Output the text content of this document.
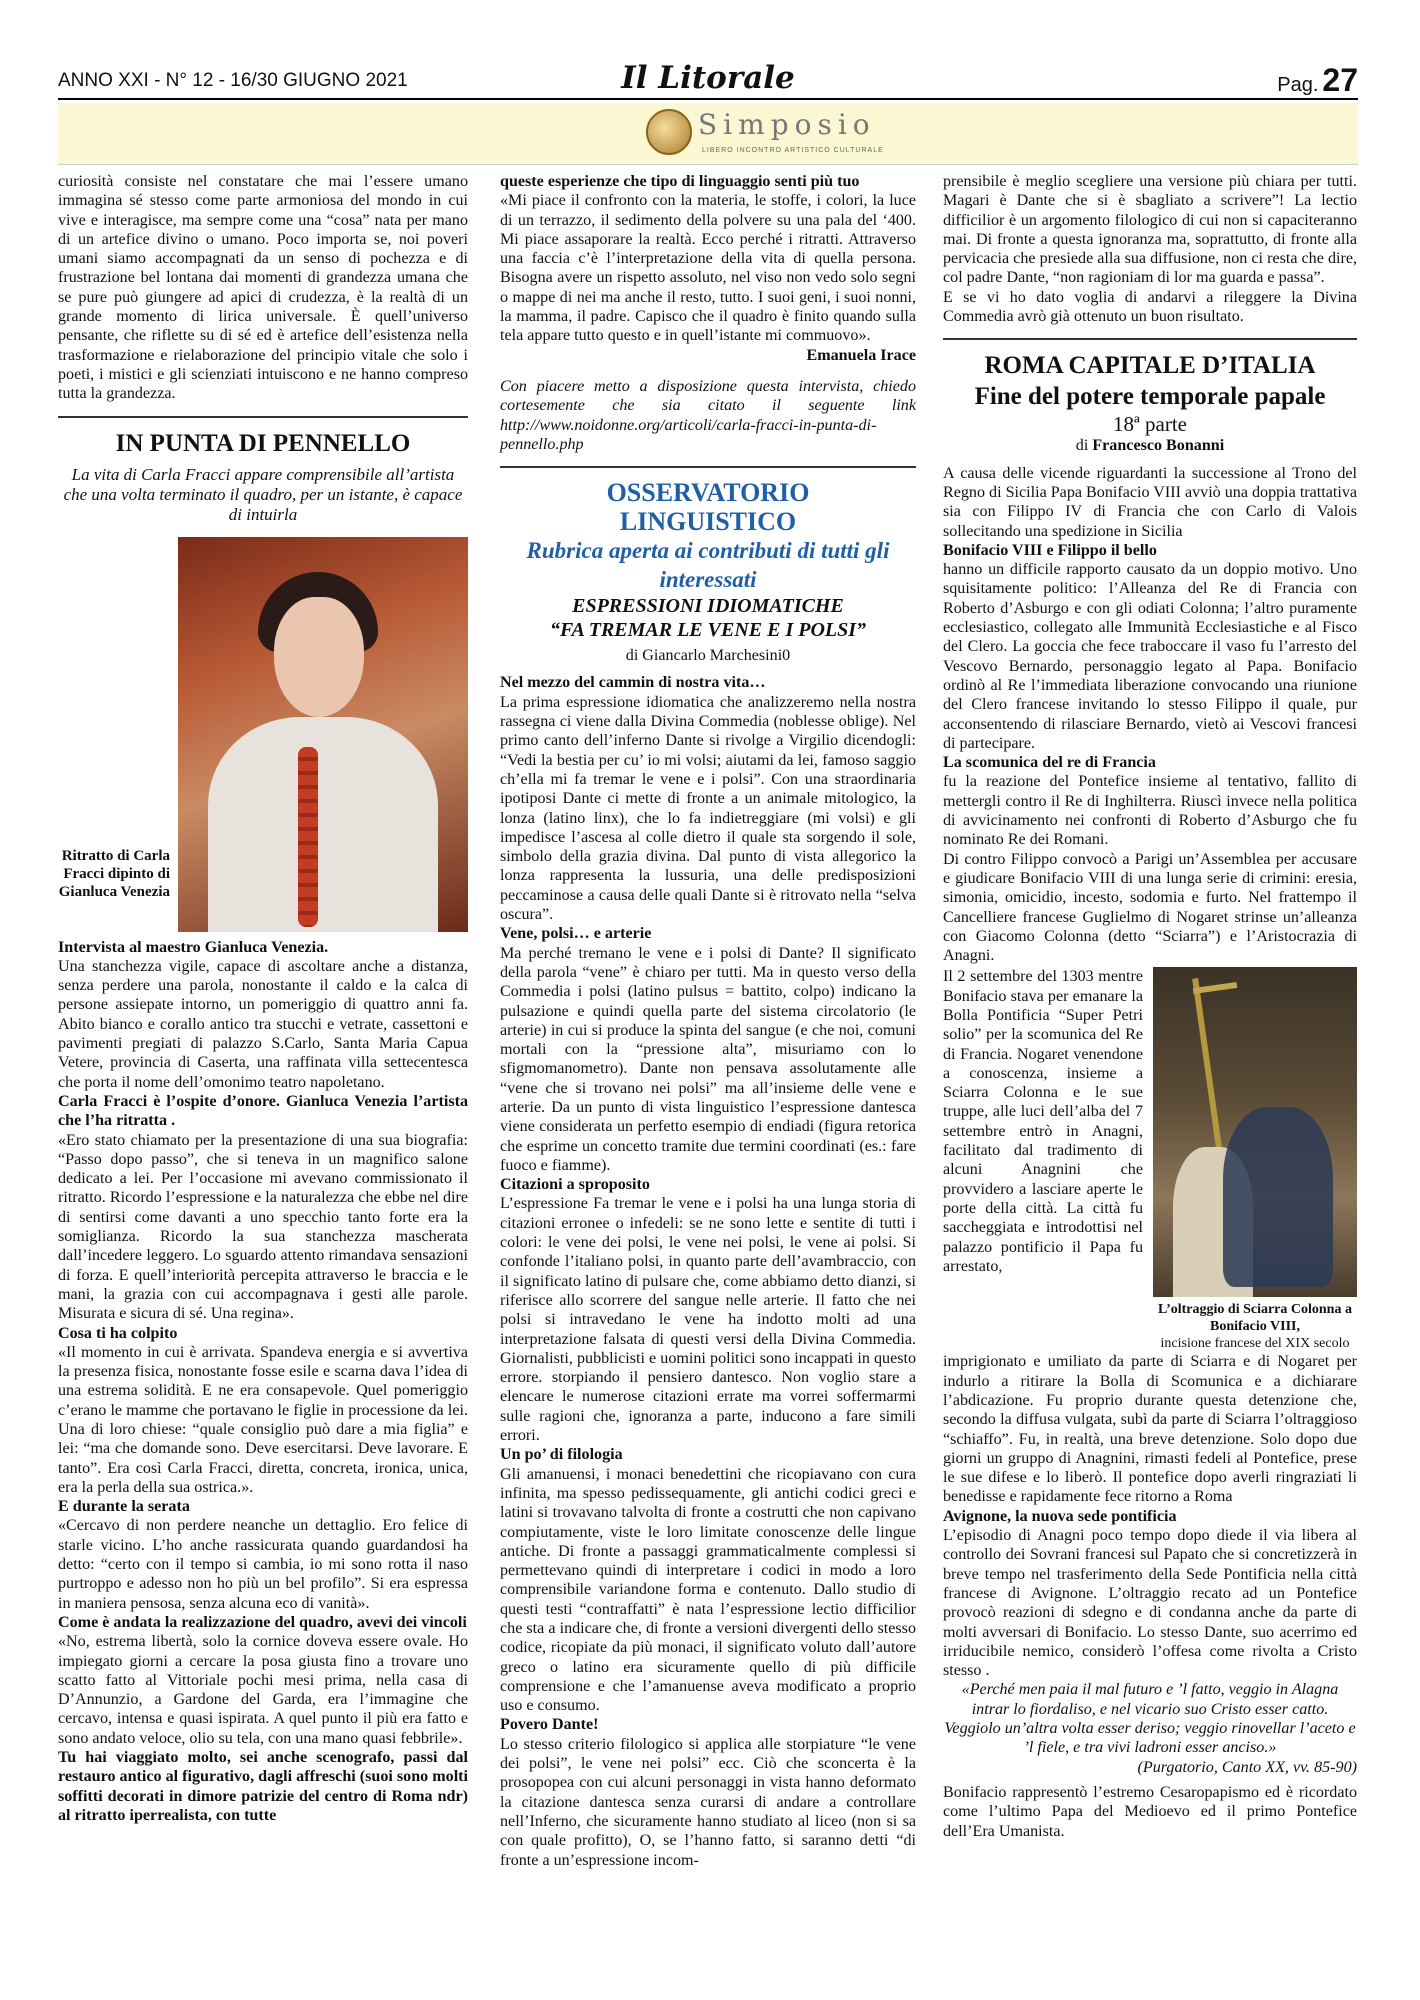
ANNO XXI - N° 12 - 16/30 GIUGNO 2021	Il Litorale	Pag. 27
Simposio
LIBERO INCONTRO ARTISTICO CULTURALE

curiosità consiste nel constatare che mai l’essere umano immagina sé stesso come parte armoniosa del mondo in cui vive e interagisce, ma sempre come una “cosa” nata per mano di un artefice divino o umano. Poco importa se, noi poveri umani siamo accompagnati da un senso di pochezza e di frustrazione bel lontana dai momenti di grandezza umana che se pure può giungere ad apici di crudezza, è la realtà di un grande momento di lirica universale. È quell’universo pensante, che riflette su di sé ed è artefice dell’esistenza nella trasformazione e rielaborazione del principio vitale che solo i poeti, i mistici e gli scienziati intuiscono e ne hanno compreso tutta la grandezza.

IN PUNTA DI PENNELLO

La vita di Carla Fracci appare comprensibile all’artista che una volta terminato il quadro, per un istante, è capace di intuirla

Ritratto di Carla Fracci dipinto di Gianluca Venezia

Intervista al maestro Gianluca Venezia.

Una stanchezza vigile, capace di ascoltare anche a distanza, senza perdere una parola, nonostante il caldo e la calca di persone assiepate intorno, un pomeriggio di quattro anni fa. Abito bianco e corallo antico tra stucchi e vetrate, cassettoni e pavimenti pregiati di palazzo S.Carlo, Santa Maria Capua Vetere, provincia di Caserta, una raffinata villa settecentesca che porta il nome dell’omonimo teatro napoletano.

Carla Fracci è l’ospite d’onore. Gianluca Venezia l’artista che l’ha ritratta .

«Ero stato chiamato per la presentazione di una sua biografia: “Passo dopo passo”, che si teneva in un magnifico salone dedicato a lei. Per l’occasione mi avevano commissionato il ritratto. Ricordo l’espressione e la naturalezza che ebbe nel dire di sentirsi come davanti a uno specchio tanto forte era la somiglianza. Ricordo la sua stanchezza mascherata dall’incedere leggero. Lo sguardo attento rimandava sensazioni di forza. E quell’interiorità percepita attraverso le braccia e le mani, la grazia con cui accompagnava i gesti alle parole. Misurata e sicura di sé. Una regina».

Cosa ti ha colpito

«Il momento in cui è arrivata. Spandeva energia e si avvertiva la presenza fisica, nonostante fosse esile e scarna dava l’idea di una estrema solidità. E ne era consapevole. Quel pomeriggio c’erano le mamme che portavano le figlie in processione da lei. Una di loro chiese: “quale consiglio può dare a mia figlia” e lei: “ma che domande sono. Deve esercitarsi. Deve lavorare. E tanto”. Era così Carla Fracci, diretta, concreta, ironica, unica, era la perla della sua ostrica.».

E durante la serata

«Cercavo di non perdere neanche un dettaglio. Ero felice di starle vicino. L’ho anche rassicurata quando guardandosi ha detto: “certo con il tempo si cambia, io mi sono rotta il naso purtroppo e adesso non ho più un bel profilo”. Si era espressa in maniera pensosa, senza alcuna eco di vanità».

Come è andata la realizzazione del quadro, avevi dei vincoli

«No, estrema libertà, solo la cornice doveva essere ovale. Ho impiegato giorni a cercare la posa giusta fino a trovare uno scatto fatto al Vittoriale pochi mesi prima, nella casa di D’Annunzio, a Gardone del Garda, era l’immagine che cercavo, intensa e quasi ispirata. A quel punto il più era fatto e sono andato veloce, olio su tela, con una mano quasi febbrile».

Tu hai viaggiato molto, sei anche scenografo, passi dal restauro antico al figurativo, dagli affreschi (suoi sono molti soffitti decorati in dimore patrizie del centro di Roma ndr) al ritratto iperrealista, con tutte

queste esperienze che tipo di linguaggio senti più tuo

«Mi piace il confronto con la materia, le stoffe, i colori, la luce di un terrazzo, il sedimento della polvere su una pala del ‘400. Mi piace assaporare la realtà. Ecco perché i ritratti. Attraverso una faccia c’è l’interpretazione della vita di quella persona. Bisogna avere un rispetto assoluto, nel viso non vedo solo segni o mappe di nei ma anche il resto, tutto. I suoi geni, i suoi nonni, la mamma, il padre. Capisco che il quadro è finito quando sulla tela appare tutto questo e in quell’istante mi commuovo».

Emanuela Irace

Con piacere metto a disposizione questa intervista, chiedo cortesemente che sia citato il seguente link http://www.noidonne.org/articoli/carla-fracci-in-punta-di-pennello.php

OSSERVATORIO
LINGUISTICO

Rubrica aperta ai contributi di tutti gli interessati

ESPRESSIONI IDIOMATICHE

“FA TREMAR LE VENE E I POLSI”

di Giancarlo Marchesini0

Nel mezzo del cammin di nostra vita…

La prima espressione idiomatica che analizzeremo nella nostra rassegna ci viene dalla Divina Commedia (noblesse oblige). Nel primo canto dell’inferno Dante si rivolge a Virgilio dicendogli: “Vedi la bestia per cu’ io mi volsi; aiutami da lei, famoso saggio ch’ella mi fa tremar le vene e i polsi”. Con una straordinaria ipotiposi Dante ci mette di fronte a un animale mitologico, la lonza (latino linx), che lo fa indietreggiare (mi volsi) e gli impedisce l’ascesa al colle dietro il quale sta sorgendo il sole, simbolo della grazia divina. Dal punto di vista allegorico la lonza rappresenta la lussuria, una delle predisposizioni peccaminose a causa delle quali Dante si è ritrovato nella “selva oscura”.

Vene, polsi… e arterie

Ma perché tremano le vene e i polsi di Dante? Il significato della parola “vene” è chiaro per tutti. Ma in questo verso della Commedia i polsi (latino pulsus = battito, colpo) indicano la pulsazione e quindi quella parte del sistema circolatorio (le arterie) in cui si produce la spinta del sangue (e che noi, comuni mortali con la “pressione alta”, misuriamo con lo sfigmomanometro). Dante non pensava assolutamente alle “vene che si trovano nei polsi” ma all’insieme delle vene e arterie. Da un punto di vista linguistico l’espressione dantesca viene considerata un perfetto esempio di endiadi (figura retorica che esprime un concetto tramite due termini coordinati (es.: fare fuoco e fiamme).

Citazioni a sproposito

L’espressione Fa tremar le vene e i polsi ha una lunga storia di citazioni erronee o infedeli: se ne sono lette e sentite di tutti i colori: le vene dei polsi, le vene nei polsi, le vene ai polsi. Si confonde l’italiano polsi, in quanto parte dell’avambraccio, con il significato latino di pulsare che, come abbiamo detto dianzi, si riferisce allo scorrere del sangue nelle arterie. Il fatto che nei polsi si intravedano le vene ha indotto molti ad una interpretazione falsata di questi versi della Divina Commedia. Giornalisti, pubblicisti e uomini politici sono incappati in questo errore. storpiando il pensiero dantesco. Non voglio stare a elencare le numerose citazioni errate ma vorrei soffermarmi sulle ragioni che, ignoranza a parte, inducono a fare simili errori.

Un po’ di filologia

Gli amanuensi, i monaci benedettini che ricopiavano con cura infinita, ma spesso pedissequamente, gli antichi codici greci e latini si trovavano talvolta di fronte a costrutti che non capivano compiutamente, viste le loro limitate conoscenze delle lingue antiche. Di fronte a passaggi grammaticalmente complessi si permettevano quindi di interpretare i codici in modo a loro comprensibile variandone forma e contenuto. Dallo studio di questi testi “contraffatti” è nata l’espressione lectio difficilior che sta a indicare che, di fronte a versioni divergenti dello stesso codice, ricopiate da più monaci, il significato voluto dall’autore greco o latino era sicuramente quello di più difficile comprensione e che l’amanuense aveva modificato a proprio uso e consumo.

Povero Dante!

Lo stesso criterio filologico si applica alle storpiature “le vene dei polsi”, le vene nei polsi” ecc. Ciò che sconcerta è la prosopopea con cui alcuni personaggi in vista hanno deformato la citazione dantesca senza curarsi di andare a controllare nell’Inferno, che sicuramente hanno studiato al liceo (non si sa con quale profitto), O, se l’hanno fatto, si saranno detti “di fronte a un’espressione incom-

prensibile è meglio scegliere una versione più chiara per tutti. Magari è Dante che si è sbagliato a scrivere”! La lectio difficilior è un argomento filologico di cui non si capaciteranno mai. Di fronte a questa ignoranza ma, soprattutto, di fronte alla pervicacia che presiede alla sua diffusione, non ci resta che dire, col padre Dante, “non ragioniam di lor ma guarda e passa”.

E se vi ho dato voglia di andarvi a rileggere la Divina Commedia avrò già ottenuto un buon risultato.

ROMA CAPITALE D’ITALIA
Fine del potere temporale papale

18ª parte

di Francesco Bonanni

A causa delle vicende riguardanti la successione al Trono del Regno di Sicilia Papa Bonifacio VIII avviò una doppia trattativa sia con Filippo IV di Francia che con Carlo di Valois sollecitando una spedizione in Sicilia

Bonifacio VIII e Filippo il bello

hanno un difficile rapporto causato da un doppio motivo. Uno squisitamente politico: l’Alleanza del Re di Francia con Roberto d’Asburgo e con gli odiati Colonna; l’altro puramente ecclesiastico, collegato alle Immunità Ecclesiastiche e al Fisco del Clero. La goccia che fece traboccare il vaso fu l’arresto del Vescovo Bernardo, personaggio legato al Papa. Bonifacio ordinò al Re l’immediata liberazione convocando una riunione del Clero francese invitando lo stesso Filippo il quale, pur acconsentendo di rilasciare Bernardo, vietò ai Vescovi francesi di partecipare.

La scomunica del re di Francia

fu la reazione del Pontefice insieme al tentativo, fallito di mettergli contro il Re di Inghilterra. Riuscì invece nella politica di avvicinamento nei confronti di Roberto d’Asburgo che fu nominato Re dei Romani.

Di contro Filippo convocò a Parigi un’Assemblea per accusare e giudicare Bonifacio VIII di una lunga serie di crimini: eresia, simonia, omicidio, incesto, sodomia e furto. Nel frattempo il Cancelliere francese Guglielmo di Nogaret strinse un’alleanza con Giacomo Colonna (detto “Sciarra”) e l’Aristocrazia di Anagni.

Il 2 settembre del 1303 mentre Bonifacio stava per emanare la Bolla Pontificia “Super Petri solio” per la scomunica del Re di Francia. Nogaret venendone a conoscenza, insieme a Sciarra Colonna e le sue truppe, alle luci dell’alba del 7 settembre entrò in Anagni, facilitato dal tradimento di alcuni Anagnini che provvidero a lasciare aperte le porte della città. La città fu saccheggiata e introdottisi nel palazzo pontificio il Papa fu arrestato,

L’oltraggio di Sciarra Colonna a Bonifacio VIII,
incisione francese del XIX secolo

imprigionato e umiliato da parte di Sciarra e di Nogaret per indurlo a ritirare la Bolla di Scomunica e a dichiarare l’abdicazione. Fu proprio durante questa detenzione che, secondo la diffusa vulgata, subì da parte di Sciarra l’oltraggioso “schiaffo”. Fu, in realtà, una breve detenzione. Solo dopo due giorni un gruppo di Anagnini, rimasti fedeli al Pontefice, prese le sue difese e lo liberò. Il pontefice dopo averli ringraziati li benedisse e rapidamente fece ritorno a Roma

Avignone, la nuova sede pontificia

L’episodio di Anagni poco tempo dopo diede il via libera al controllo dei Sovrani francesi sul Papato che si concretizzerà in breve tempo nel trasferimento della Sede Pontificia nella città francese di Avignone. L’oltraggio recato ad un Pontefice provocò reazioni di sdegno e di condanna anche da parte di molti avversari di Bonifacio. Lo stesso Dante, suo acerrimo ed irriducibile nemico, considerò l’offesa come rivolta a Cristo stesso .

«Perché men paia il mal futuro e ’l fatto, veggio in Alagna intrar lo fiordaliso, e nel vicario suo Cristo esser catto.

Veggiolo un’altra volta esser deriso; veggio rinovellar l’aceto e ’l fiele, e tra vivi ladroni esser anciso.»

(Purgatorio, Canto XX, vv. 85-90)

Bonifacio rappresentò l’estremo Cesaropapismo ed è ricordato come l’ultimo Papa del Medioevo ed il primo Pontefice dell’Era Umanista.
